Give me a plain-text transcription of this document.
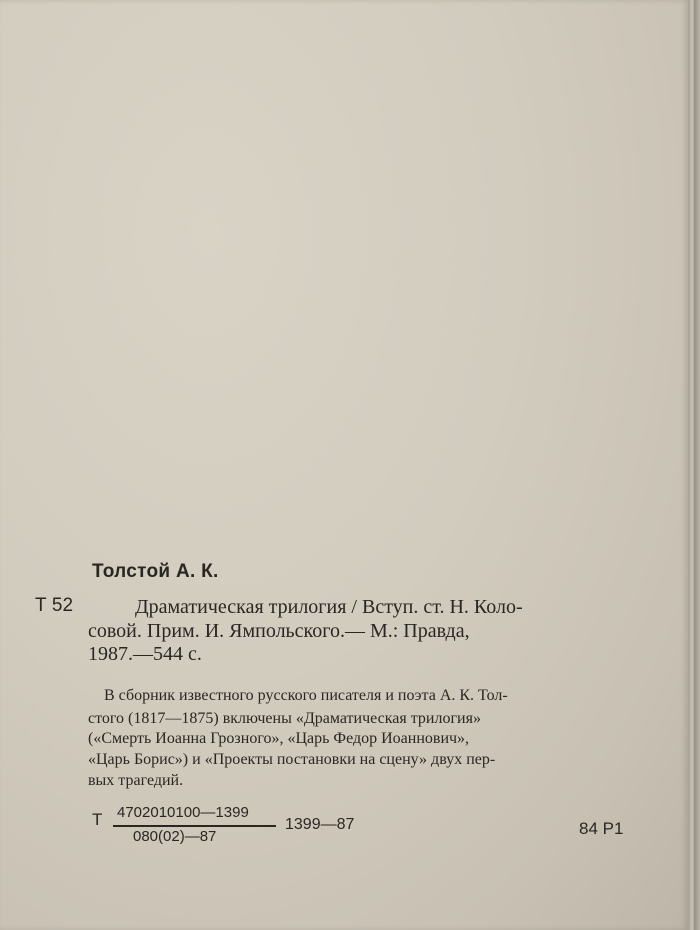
Толстой А. К.
Т 52	Драматическая трилогия / Вступ. ст. Н. Коло-
совой. Прим. И. Ямпольского.— М.: Правда,
1987.—544 с.
В сборник известного русского писателя и поэта А. К. Тол-
стого (1817—1875) включены «Драматическая трилогия»
(«Смерть Иоанна Грозного», «Царь Федор Иоаннович»,
«Царь Борис») и «Проекты постановки на сцену» двух пер-
вых трагедий.
Т 4702010100—1399
080(02)—87
1399—87	84 Р1
